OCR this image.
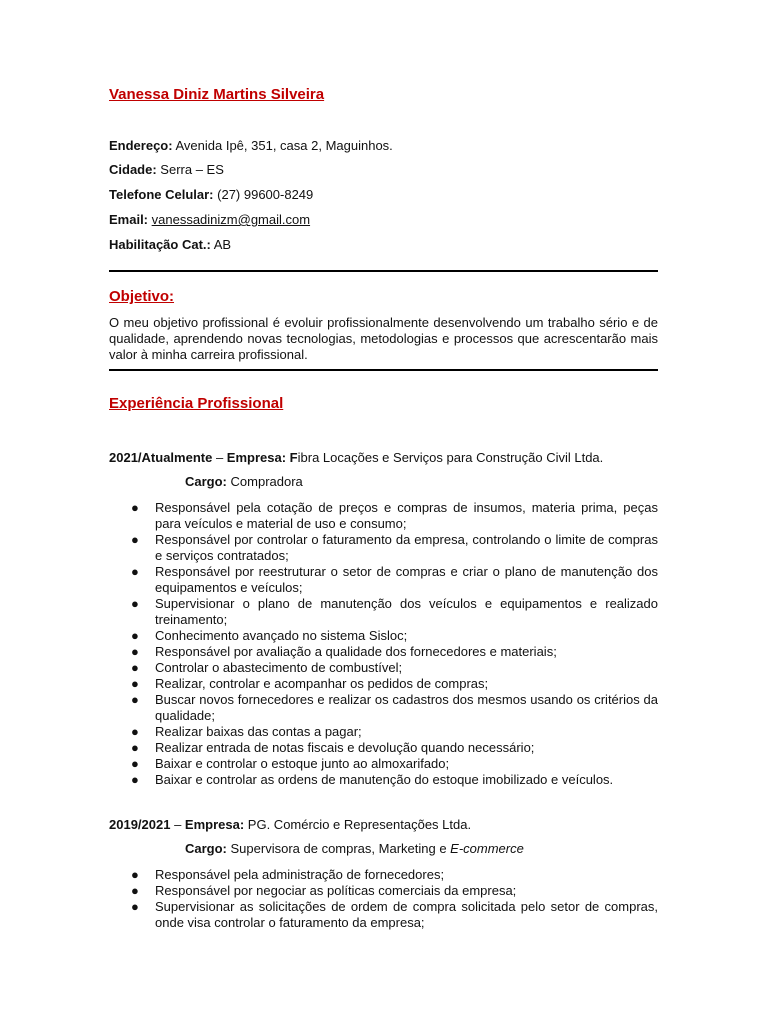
Vanessa Diniz Martins Silveira
Endereço: Avenida Ipê, 351, casa 2, Maguinhos.
Cidade: Serra – ES
Telefone Celular: (27) 99600-8249
Email: vanessadinizm@gmail.com
Habilitação Cat.: AB
Objetivo:
O meu objetivo profissional é evoluir profissionalmente desenvolvendo um trabalho sério e de qualidade, aprendendo novas tecnologias, metodologias e processos que acrescentarão mais valor à minha carreira profissional.
Experiência Profissional
2021/Atualmente – Empresa: Fibra Locações e Serviços para Construção Civil Ltda.
Cargo: Compradora
● Responsável pela cotação de preços e compras de insumos, materia prima, peças para veículos e material de uso e consumo;
● Responsável por controlar o faturamento da empresa, controlando o limite de compras e serviços contratados;
● Responsável por reestruturar o setor de compras e criar o plano de manutenção dos equipamentos e veículos;
● Supervisionar o plano de manutenção dos veículos e equipamentos e realizado treinamento;
● Conhecimento avançado no sistema Sisloc;
● Responsável por avaliação a qualidade dos fornecedores e materiais;
● Controlar o abastecimento de combustível;
● Realizar, controlar e acompanhar os pedidos de compras;
● Buscar novos fornecedores e realizar os cadastros dos mesmos usando os critérios da qualidade;
● Realizar baixas das contas a pagar;
● Realizar entrada de notas fiscais e devolução quando necessário;
● Baixar e controlar o estoque junto ao almoxarifado;
● Baixar e controlar as ordens de manutenção do estoque imobilizado e veículos.
2019/2021 – Empresa: PG. Comércio e Representações Ltda.
Cargo: Supervisora de compras, Marketing e E-commerce
● Responsável pela administração de fornecedores;
● Responsável por negociar as políticas comerciais da empresa;
● Supervisionar as solicitações de ordem de compra solicitada pelo setor de compras, onde visa controlar o faturamento da empresa;
